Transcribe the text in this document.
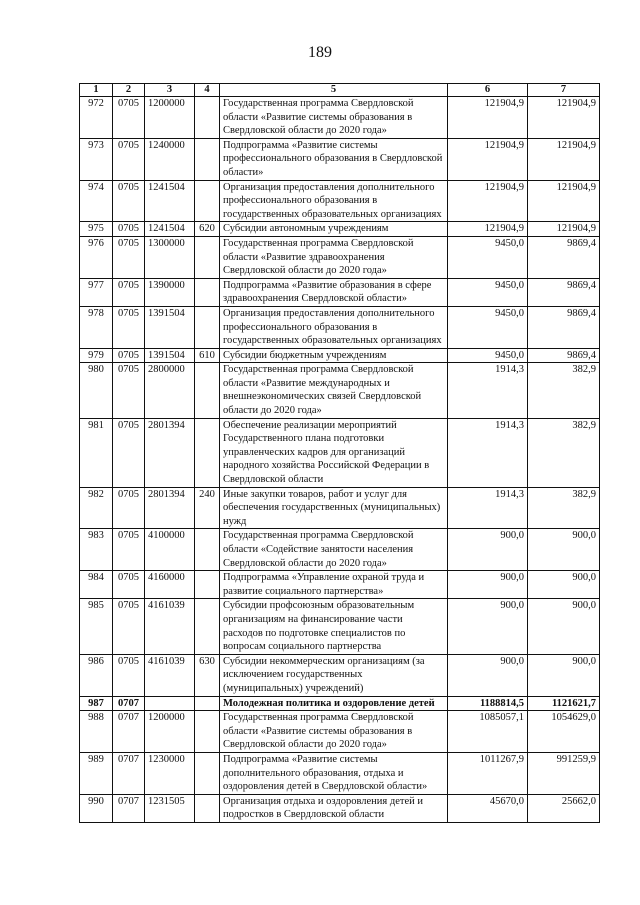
189
1	2	3	4	5	6	7
972	0705	1200000		Государственная программа Свердловской области «Развитие системы образования в Свердловской области до 2020 года»	121904,9	121904,9
973	0705	1240000		Подпрограмма «Развитие системы профессионального образования в Свердловской области»	121904,9	121904,9
974	0705	1241504		Организация предоставления дополнительного профессионального образования в государственных образовательных организациях	121904,9	121904,9
975	0705	1241504	620	Субсидии автономным учреждениям	121904,9	121904,9
976	0705	1300000		Государственная программа Свердловской области «Развитие здравоохранения Свердловской области до 2020 года»	9450,0	9869,4
977	0705	1390000		Подпрограмма «Развитие образования в сфере здравоохранения Свердловской области»	9450,0	9869,4
978	0705	1391504		Организация предоставления дополнительного профессионального образования в государственных образовательных организациях	9450,0	9869,4
979	0705	1391504	610	Субсидии бюджетным учреждениям	9450,0	9869,4
980	0705	2800000		Государственная программа Свердловской области «Развитие международных и внешнеэкономических связей Свердловской области до 2020 года»	1914,3	382,9
981	0705	2801394		Обеспечение реализации мероприятий Государственного плана подготовки управленческих кадров для организаций народного хозяйства Российской Федерации в Свердловской области	1914,3	382,9
982	0705	2801394	240	Иные закупки товаров, работ и услуг для обеспечения государственных (муниципальных) нужд	1914,3	382,9
983	0705	4100000		Государственная программа Свердловской области «Содействие занятости населения Свердловской области до 2020 года»	900,0	900,0
984	0705	4160000		Подпрограмма «Управление охраной труда и развитие социального партнерства»	900,0	900,0
985	0705	4161039		Субсидии профсоюзным образовательным организациям на финансирование части расходов по подготовке специалистов по вопросам социального партнерства	900,0	900,0
986	0705	4161039	630	Субсидии некоммерческим организациям (за исключением государственных (муниципальных) учреждений)	900,0	900,0
987	0707			Молодежная политика и оздоровление детей	1188814,5	1121621,7
988	0707	1200000		Государственная программа Свердловской области «Развитие системы образования в Свердловской области до 2020 года»	1085057,1	1054629,0
989	0707	1230000		Подпрограмма «Развитие системы дополнительного образования, отдыха и оздоровления детей в Свердловской области»	1011267,9	991259,9
990	0707	1231505		Организация отдыха и оздоровления детей и подростков в Свердловской области	45670,0	25662,0
